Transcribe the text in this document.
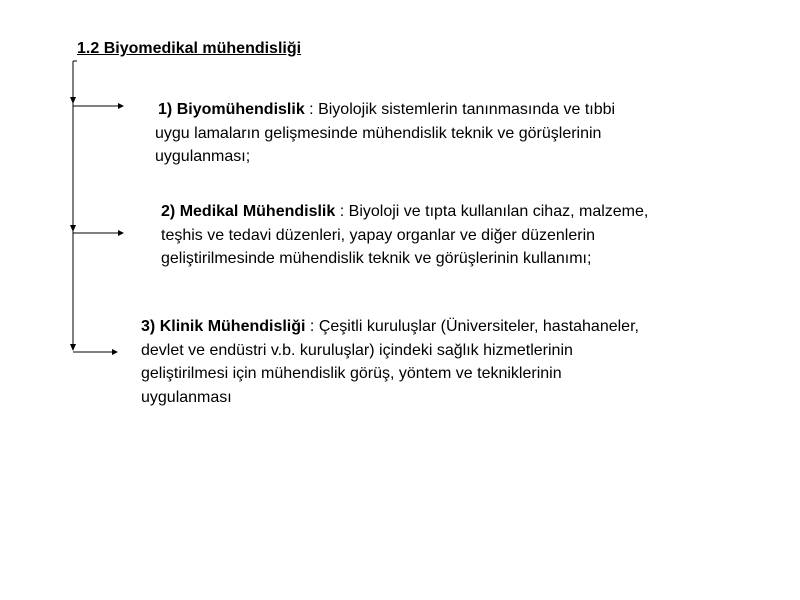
1.2 Biyomedikal mühendisliği
1) Biyomühendislik : Biyolojik sistemlerin tanınmasında ve tıbbi
uygu lamaların gelişmesinde mühendislik teknik ve görüşlerinin
uygulanması;
2) Medikal Mühendislik : Biyoloji ve tıpta kullanılan cihaz, malzeme,
teşhis ve tedavi düzenleri, yapay organlar ve diğer düzenlerin
geliştirilmesinde mühendislik teknik ve görüşlerinin kullanımı;
3) Klinik Mühendisliği : Çeşitli kuruluşlar (Üniversiteler, hastahaneler,
devlet ve endüstri v.b. kuruluşlar) içindeki sağlık hizmetlerinin
geliştirilmesi için mühendislik görüş, yöntem ve tekniklerinin
uygulanması
